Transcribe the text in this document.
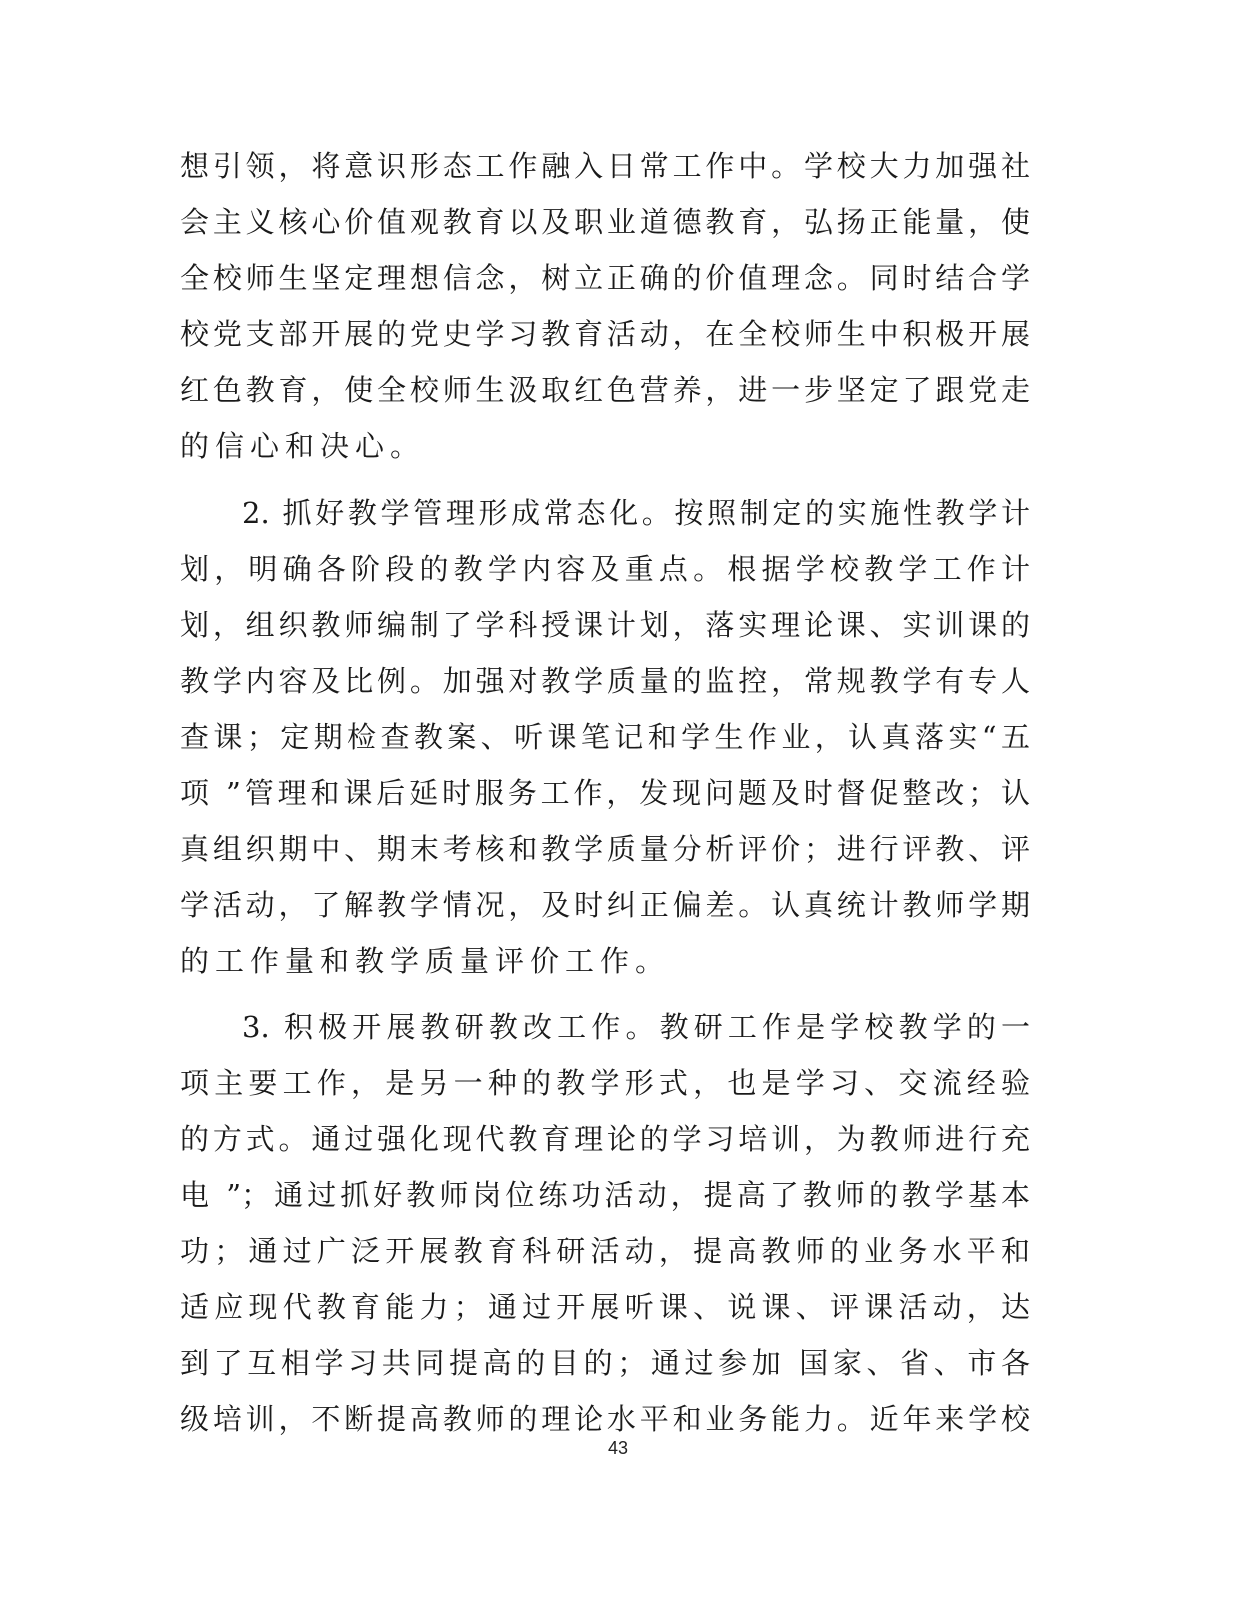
想引领，将意识形态工作融入日常工作中。学校大力加强社
会主义核心价值观教育以及职业道德教育，弘扬正能量，使
全校师生坚定理想信念，树立正确的价值理念。同时结合学
校党支部开展的党史学习教育活动，在全校师生中积极开展
红色教育，使全校师生汲取红色营养，进一步坚定了跟党走
的信心和决心。
2. 抓好教学管理形成常态化。按照制定的实施性教学计
划，明确各阶段的教学内容及重点。根据学校教学工作计
划，组织教师编制了学科授课计划，落实理论课、实训课的
教学内容及比例。加强对教学质量的监控，常规教学有专人
查课；定期检查教案、听课笔记和学生作业，认真落实“五
项 ”管理和课后延时服务工作，发现问题及时督促整改；认
真组织期中、期末考核和教学质量分析评价；进行评教、评
学活动，了解教学情况，及时纠正偏差。认真统计教师学期
的工作量和教学质量评价工作。
3. 积极开展教研教改工作。教研工作是学校教学的一
项主要工作，是另一种的教学形式，也是学习、交流经验
的方式。通过强化现代教育理论的学习培训，为教师进行充
电 ”；通过抓好教师岗位练功活动，提高了教师的教学基本
功；通过广泛开展教育科研活动，提高教师的业务水平和
适应现代教育能力；通过开展听课、说课、评课活动，达
到了互相学习共同提高的目的；通过参加 国家、省、市各
级培训，不断提高教师的理论水平和业务能力。近年来学校
43
